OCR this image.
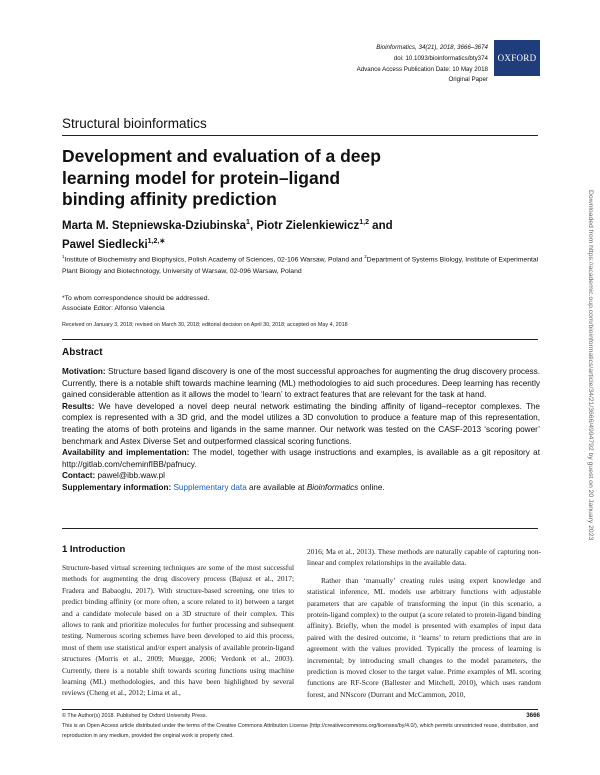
Bioinformatics, 34(21), 2018, 3666–3674
doi: 10.1093/bioinformatics/bty374
Advance Access Publication Date: 10 May 2018
Original Paper
OXFORD
Structural bioinformatics
Development and evaluation of a deep learning model for protein–ligand binding affinity prediction
Marta M. Stepniewska-Dziubinska$^1$, Piotr Zielenkiewicz$^{1,2}$ and
Pawel Siedlecki$^{1,2,∗}$
$^1$Institute of Biochemistry and Biophysics, Polish Academy of Sciences, 02-106 Warsaw, Poland and $^2$Department of Systems Biology, Institute of Experimental Plant Biology and Biotechnology, University of Warsaw, 02-096 Warsaw, Poland
*To whom correspondence should be addressed.
Associate Editor: Alfonso Valencia
Received on January 3, 2018; revised on March 30, 2018; editorial decision on April 30, 2018; accepted on May 4, 2018
Abstract

Motivation: Structure based ligand discovery is one of the most successful approaches for augmenting the drug discovery process. Currently, there is a notable shift towards machine learning (ML) methodologies to aid such procedures. Deep learning has recently gained considerable attention as it allows the model to ‘learn’ to extract features that are relevant for the task at hand.

Results: We have developed a novel deep neural network estimating the binding affinity of ligand–receptor complexes. The complex is represented with a 3D grid, and the model utilizes a 3D convolution to produce a feature map of this representation, treating the atoms of both proteins and ligands in the same manner. Our network was tested on the CASF-2013 ‘scoring power’ benchmark and Astex Diverse Set and outperformed classical scoring functions.

Availability and implementation: The model, together with usage instructions and examples, is available as a git repository at http://gitlab.com/cheminfIBB/pafnucy.

Contact: pawel@ibb.waw.pl

Supplementary information: Supplementary data are available at Bioinformatics online.

1 Introduction

Structure-based virtual screening techniques are some of the most successful methods for augmenting the drug discovery process (Bajusz et al., 2017; Fradera and Babaoglu, 2017). With structure-based screening, one tries to predict binding affinity (or more often, a score related to it) between a target and a candidate molecule based on a 3D structure of their complex. This allows to rank and prioritize molecules for further processing and subsequent testing. Numerous scoring schemes have been developed to aid this process, most of them use statistical and/or expert analysis of available protein-ligand structures (Morris et al., 2009; Muegge, 2006; Verdonk et al., 2003). Currently, there is a notable shift towards scoring functions using machine learning (ML) methodologies, and this have been highlighted by several reviews (Cheng et al., 2012; Lima et al.,

2016; Ma et al., 2013). These methods are naturally capable of capturing non-linear and complex relationships in the available data.

Rather than ‘manually’ creating rules using expert knowledge and statistical inference, ML models use arbitrary functions with adjustable parameters that are capable of transforming the input (in this scenario, a protein-ligand complex) to the output (a score related to protein-ligand binding affinity). Briefly, when the model is presented with examples of input data paired with the desired outcome, it ‘learns’ to return predictions that are in agreement with the values provided. Typically the process of learning is incremental; by introducing small changes to the model parameters, the prediction is moved closer to the target value. Prime examples of ML scoring functions are RF-Score (Ballester and Mitchell, 2010), which uses random forest, and NNscore (Durrant and McCammon, 2010,

© The Author(s) 2018. Published by Oxford University Press.
This is an Open Access article distributed under the terms of the Creative Commons Attribution License (http://creativecommons.org/licenses/by/4.0/), which permits unrestricted reuse, distribution, and reproduction in any medium, provided the original work is properly cited.
3666
Downloaded from https://academic.oup.com/bioinformatics/article/34/21/3666/4994792 by guest on 20 January 2023
